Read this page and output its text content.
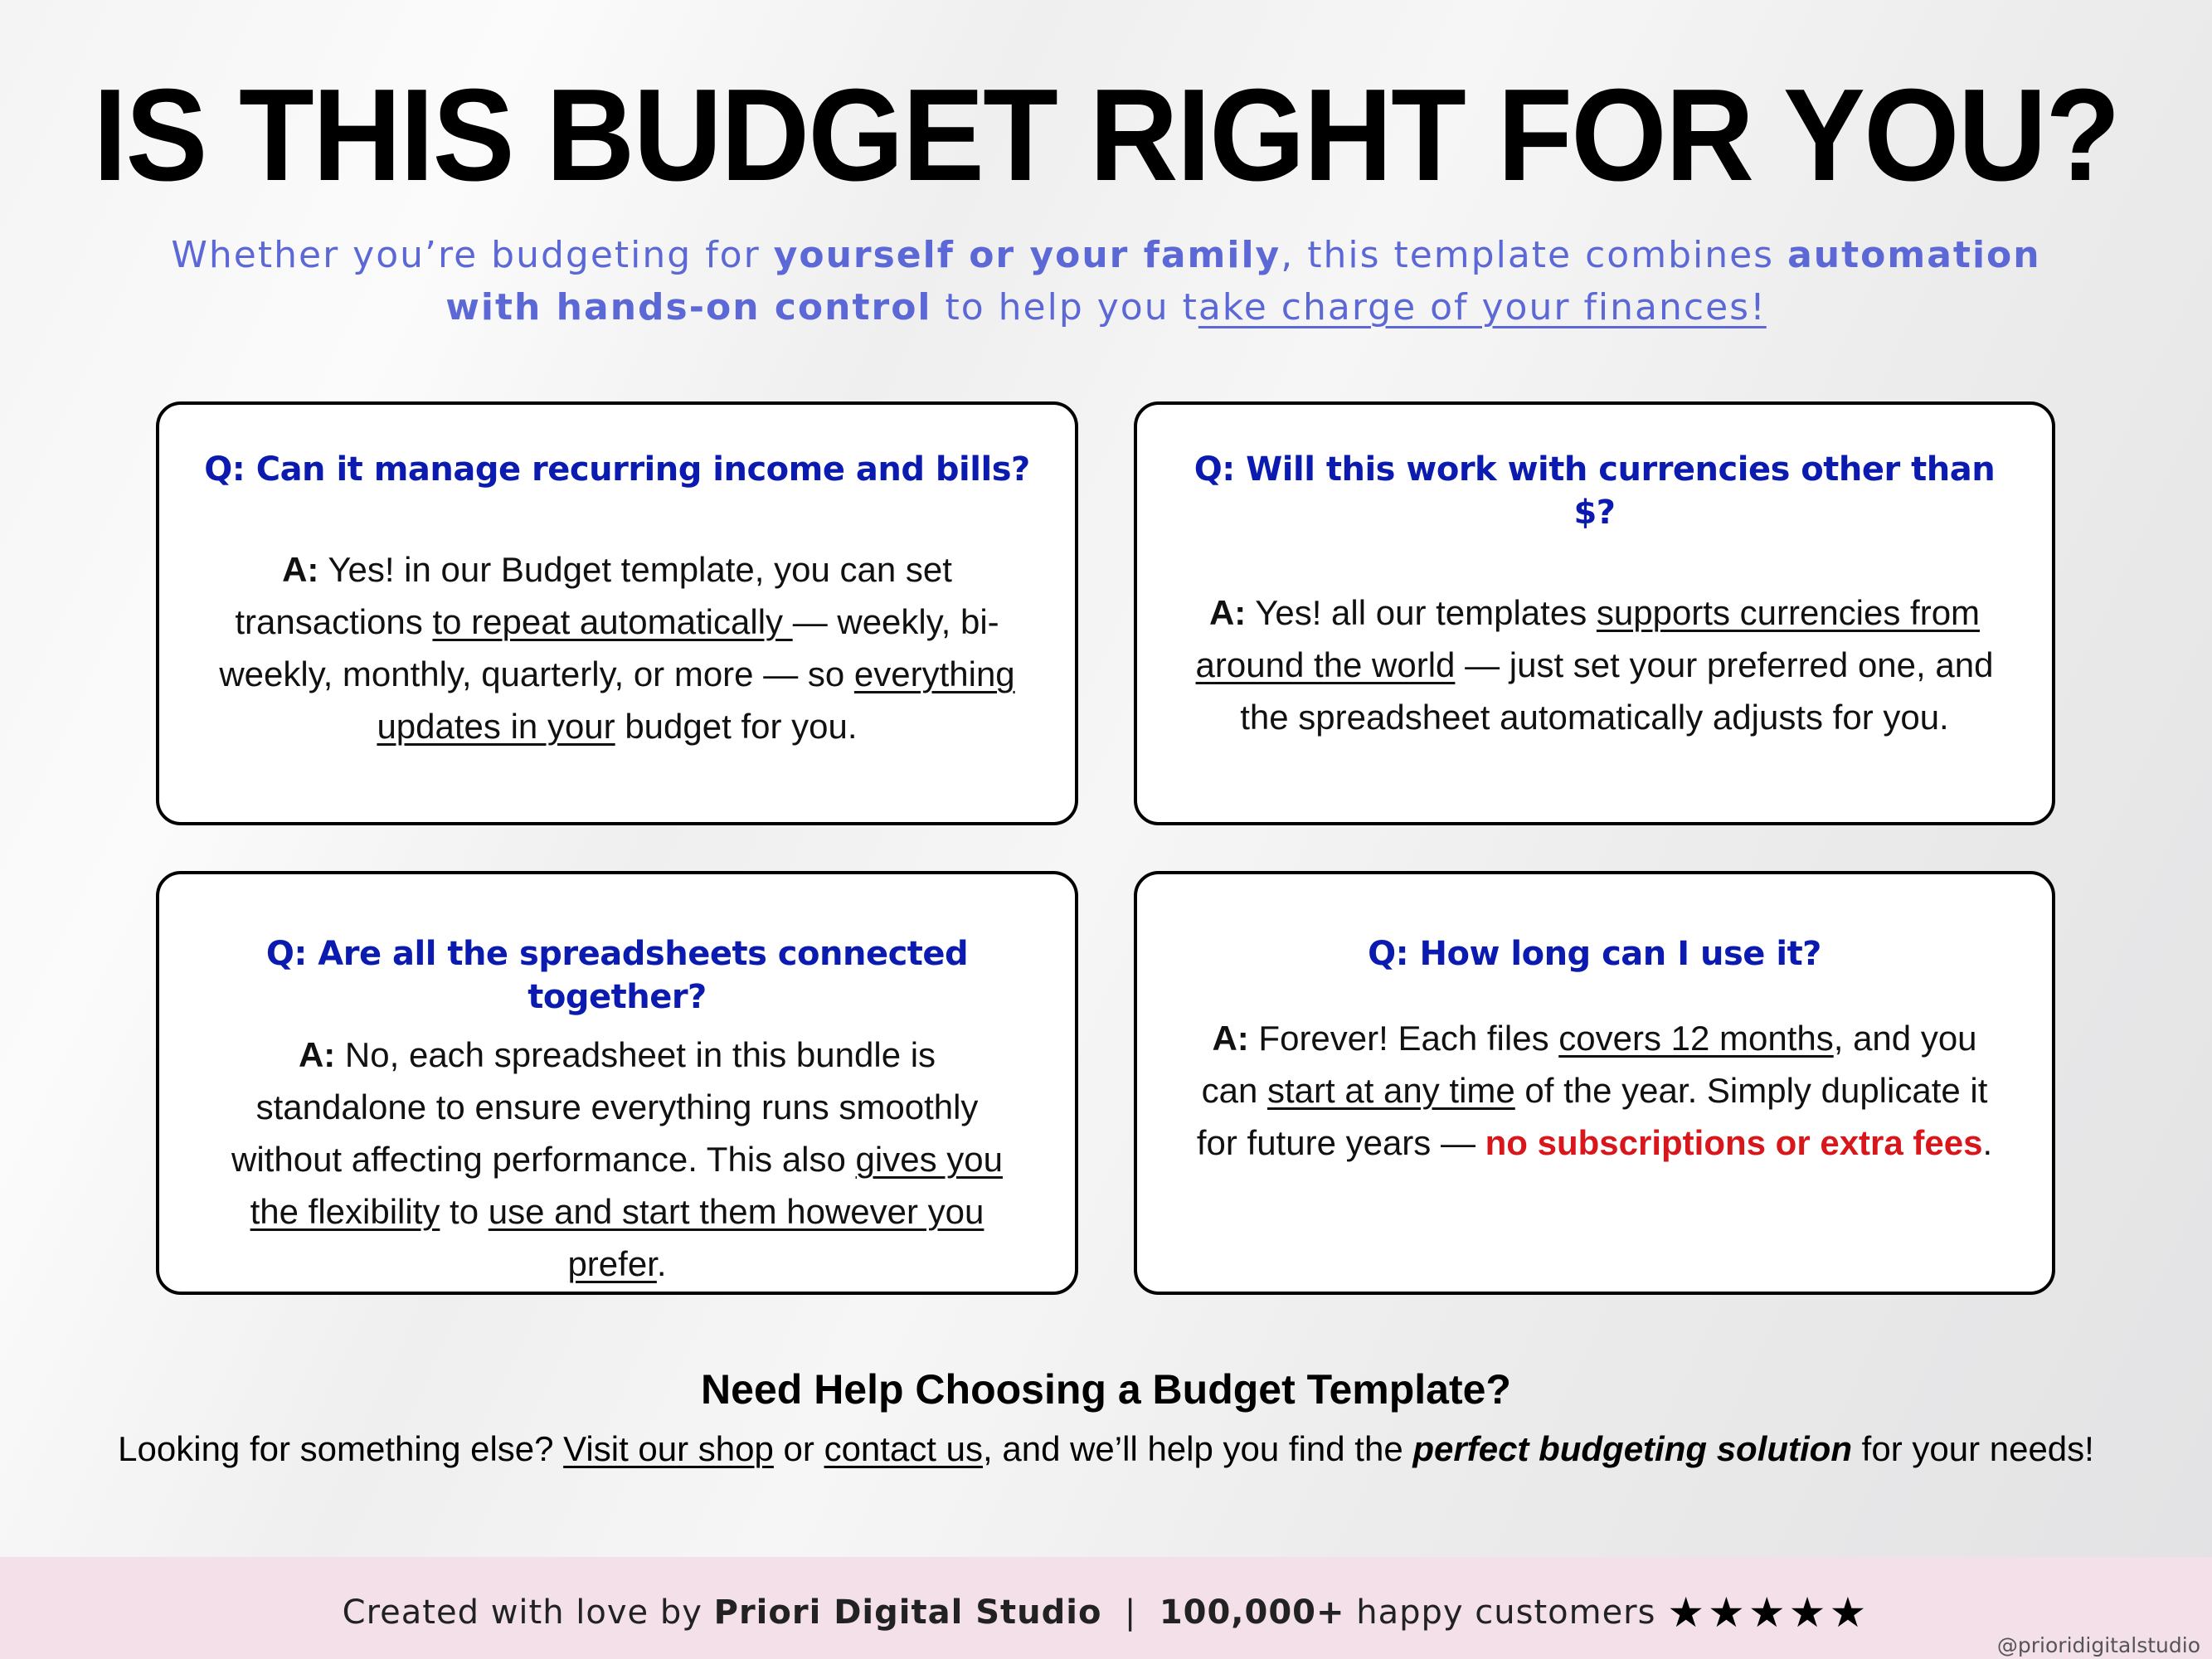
IS THIS BUDGET RIGHT FOR YOU?
Whether you’re budgeting for yourself or your family, this template combines automation with hands-on control to help you take charge of your finances!
Q: Can it manage recurring income and bills?
A: Yes! in our Budget template, you can set transactions to repeat automatically — weekly, bi-weekly, monthly, quarterly, or more — so everything updates in your budget for you.
Q: Will this work with currencies other than $?
A: Yes! all our templates supports currencies from around the world — just set your preferred one, and the spreadsheet automatically adjusts for you.
Q: Are all the spreadsheets connected together?
A: No, each spreadsheet in this bundle is standalone to ensure everything runs smoothly without affecting performance. This also gives you the flexibility to use and start them however you prefer.
Q: How long can I use it?
A: Forever! Each files covers 12 months, and you can start at any time of the year. Simply duplicate it for future years — no subscriptions or extra fees.
Need Help Choosing a Budget Template?
Looking for something else? Visit our shop or contact us, and we’ll help you find the perfect budgeting solution for your needs!
Created with love by Priori Digital Studio  |  100,000+ happy customers ★★★★★
@prioridigitalstudio
